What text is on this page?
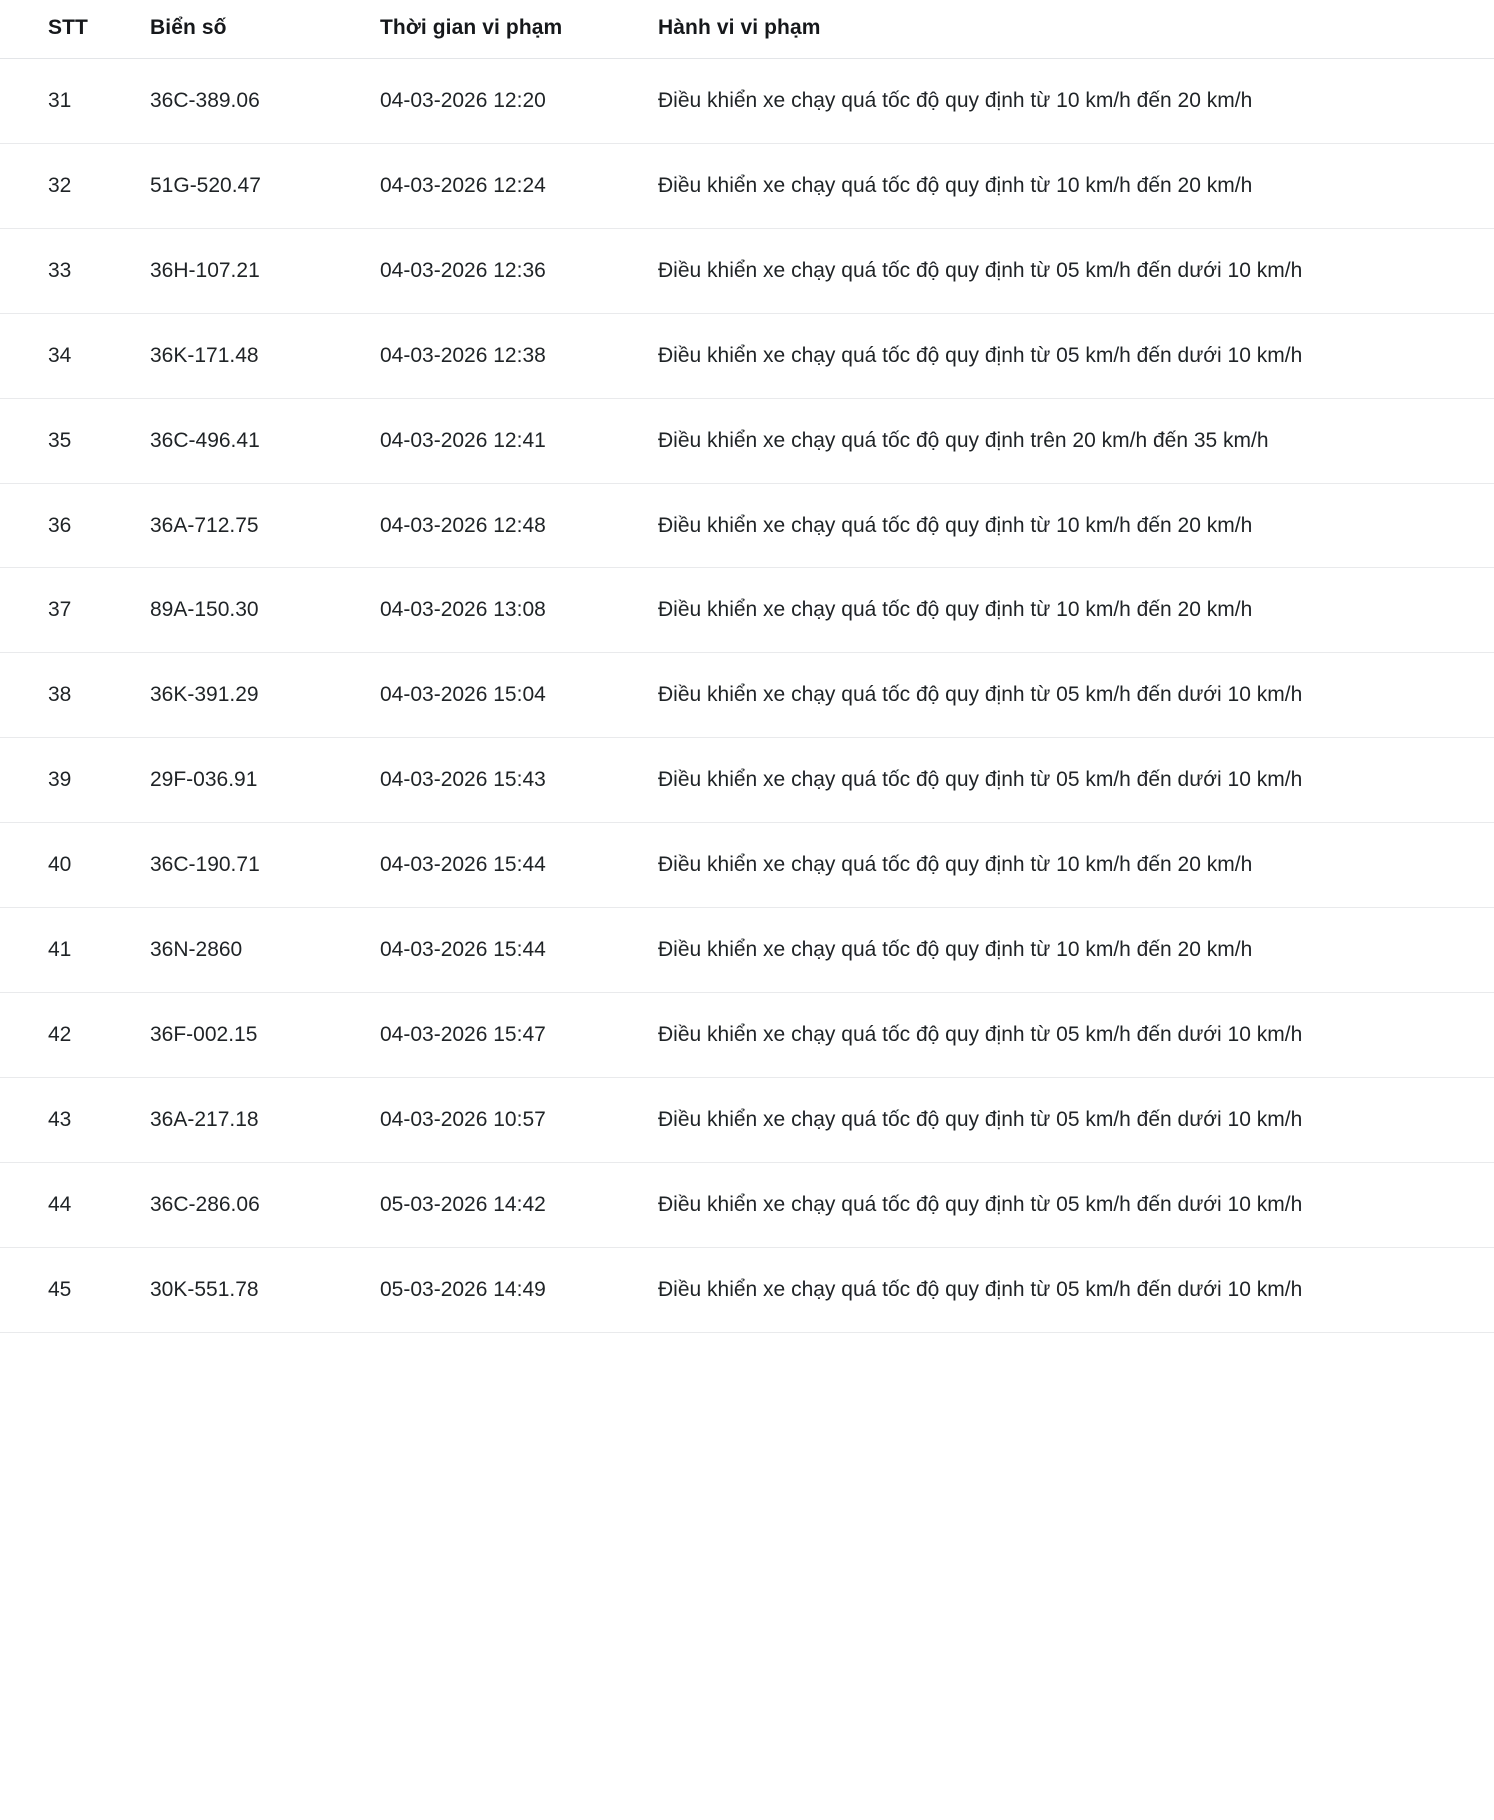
STT	Biển số	Thời gian vi phạm	Hành vi vi phạm
31	36C-389.06	04-03-2026 12:20	Điều khiển xe chạy quá tốc độ quy định từ 10 km/h đến 20 km/h
32	51G-520.47	04-03-2026 12:24	Điều khiển xe chạy quá tốc độ quy định từ 10 km/h đến 20 km/h
33	36H-107.21	04-03-2026 12:36	Điều khiển xe chạy quá tốc độ quy định từ 05 km/h đến dưới 10 km/h
34	36K-171.48	04-03-2026 12:38	Điều khiển xe chạy quá tốc độ quy định từ 05 km/h đến dưới 10 km/h
35	36C-496.41	04-03-2026 12:41	Điều khiển xe chạy quá tốc độ quy định trên 20 km/h đến 35 km/h
36	36A-712.75	04-03-2026 12:48	Điều khiển xe chạy quá tốc độ quy định từ 10 km/h đến 20 km/h
37	89A-150.30	04-03-2026 13:08	Điều khiển xe chạy quá tốc độ quy định từ 10 km/h đến 20 km/h
38	36K-391.29	04-03-2026 15:04	Điều khiển xe chạy quá tốc độ quy định từ 05 km/h đến dưới 10 km/h
39	29F-036.91	04-03-2026 15:43	Điều khiển xe chạy quá tốc độ quy định từ 05 km/h đến dưới 10 km/h
40	36C-190.71	04-03-2026 15:44	Điều khiển xe chạy quá tốc độ quy định từ 10 km/h đến 20 km/h
41	36N-2860	04-03-2026 15:44	Điều khiển xe chạy quá tốc độ quy định từ 10 km/h đến 20 km/h
42	36F-002.15	04-03-2026 15:47	Điều khiển xe chạy quá tốc độ quy định từ 05 km/h đến dưới 10 km/h
43	36A-217.18	04-03-2026 10:57	Điều khiển xe chạy quá tốc độ quy định từ 05 km/h đến dưới 10 km/h
44	36C-286.06	05-03-2026 14:42	Điều khiển xe chạy quá tốc độ quy định từ 05 km/h đến dưới 10 km/h
45	30K-551.78	05-03-2026 14:49	Điều khiển xe chạy quá tốc độ quy định từ 05 km/h đến dưới 10 km/h
